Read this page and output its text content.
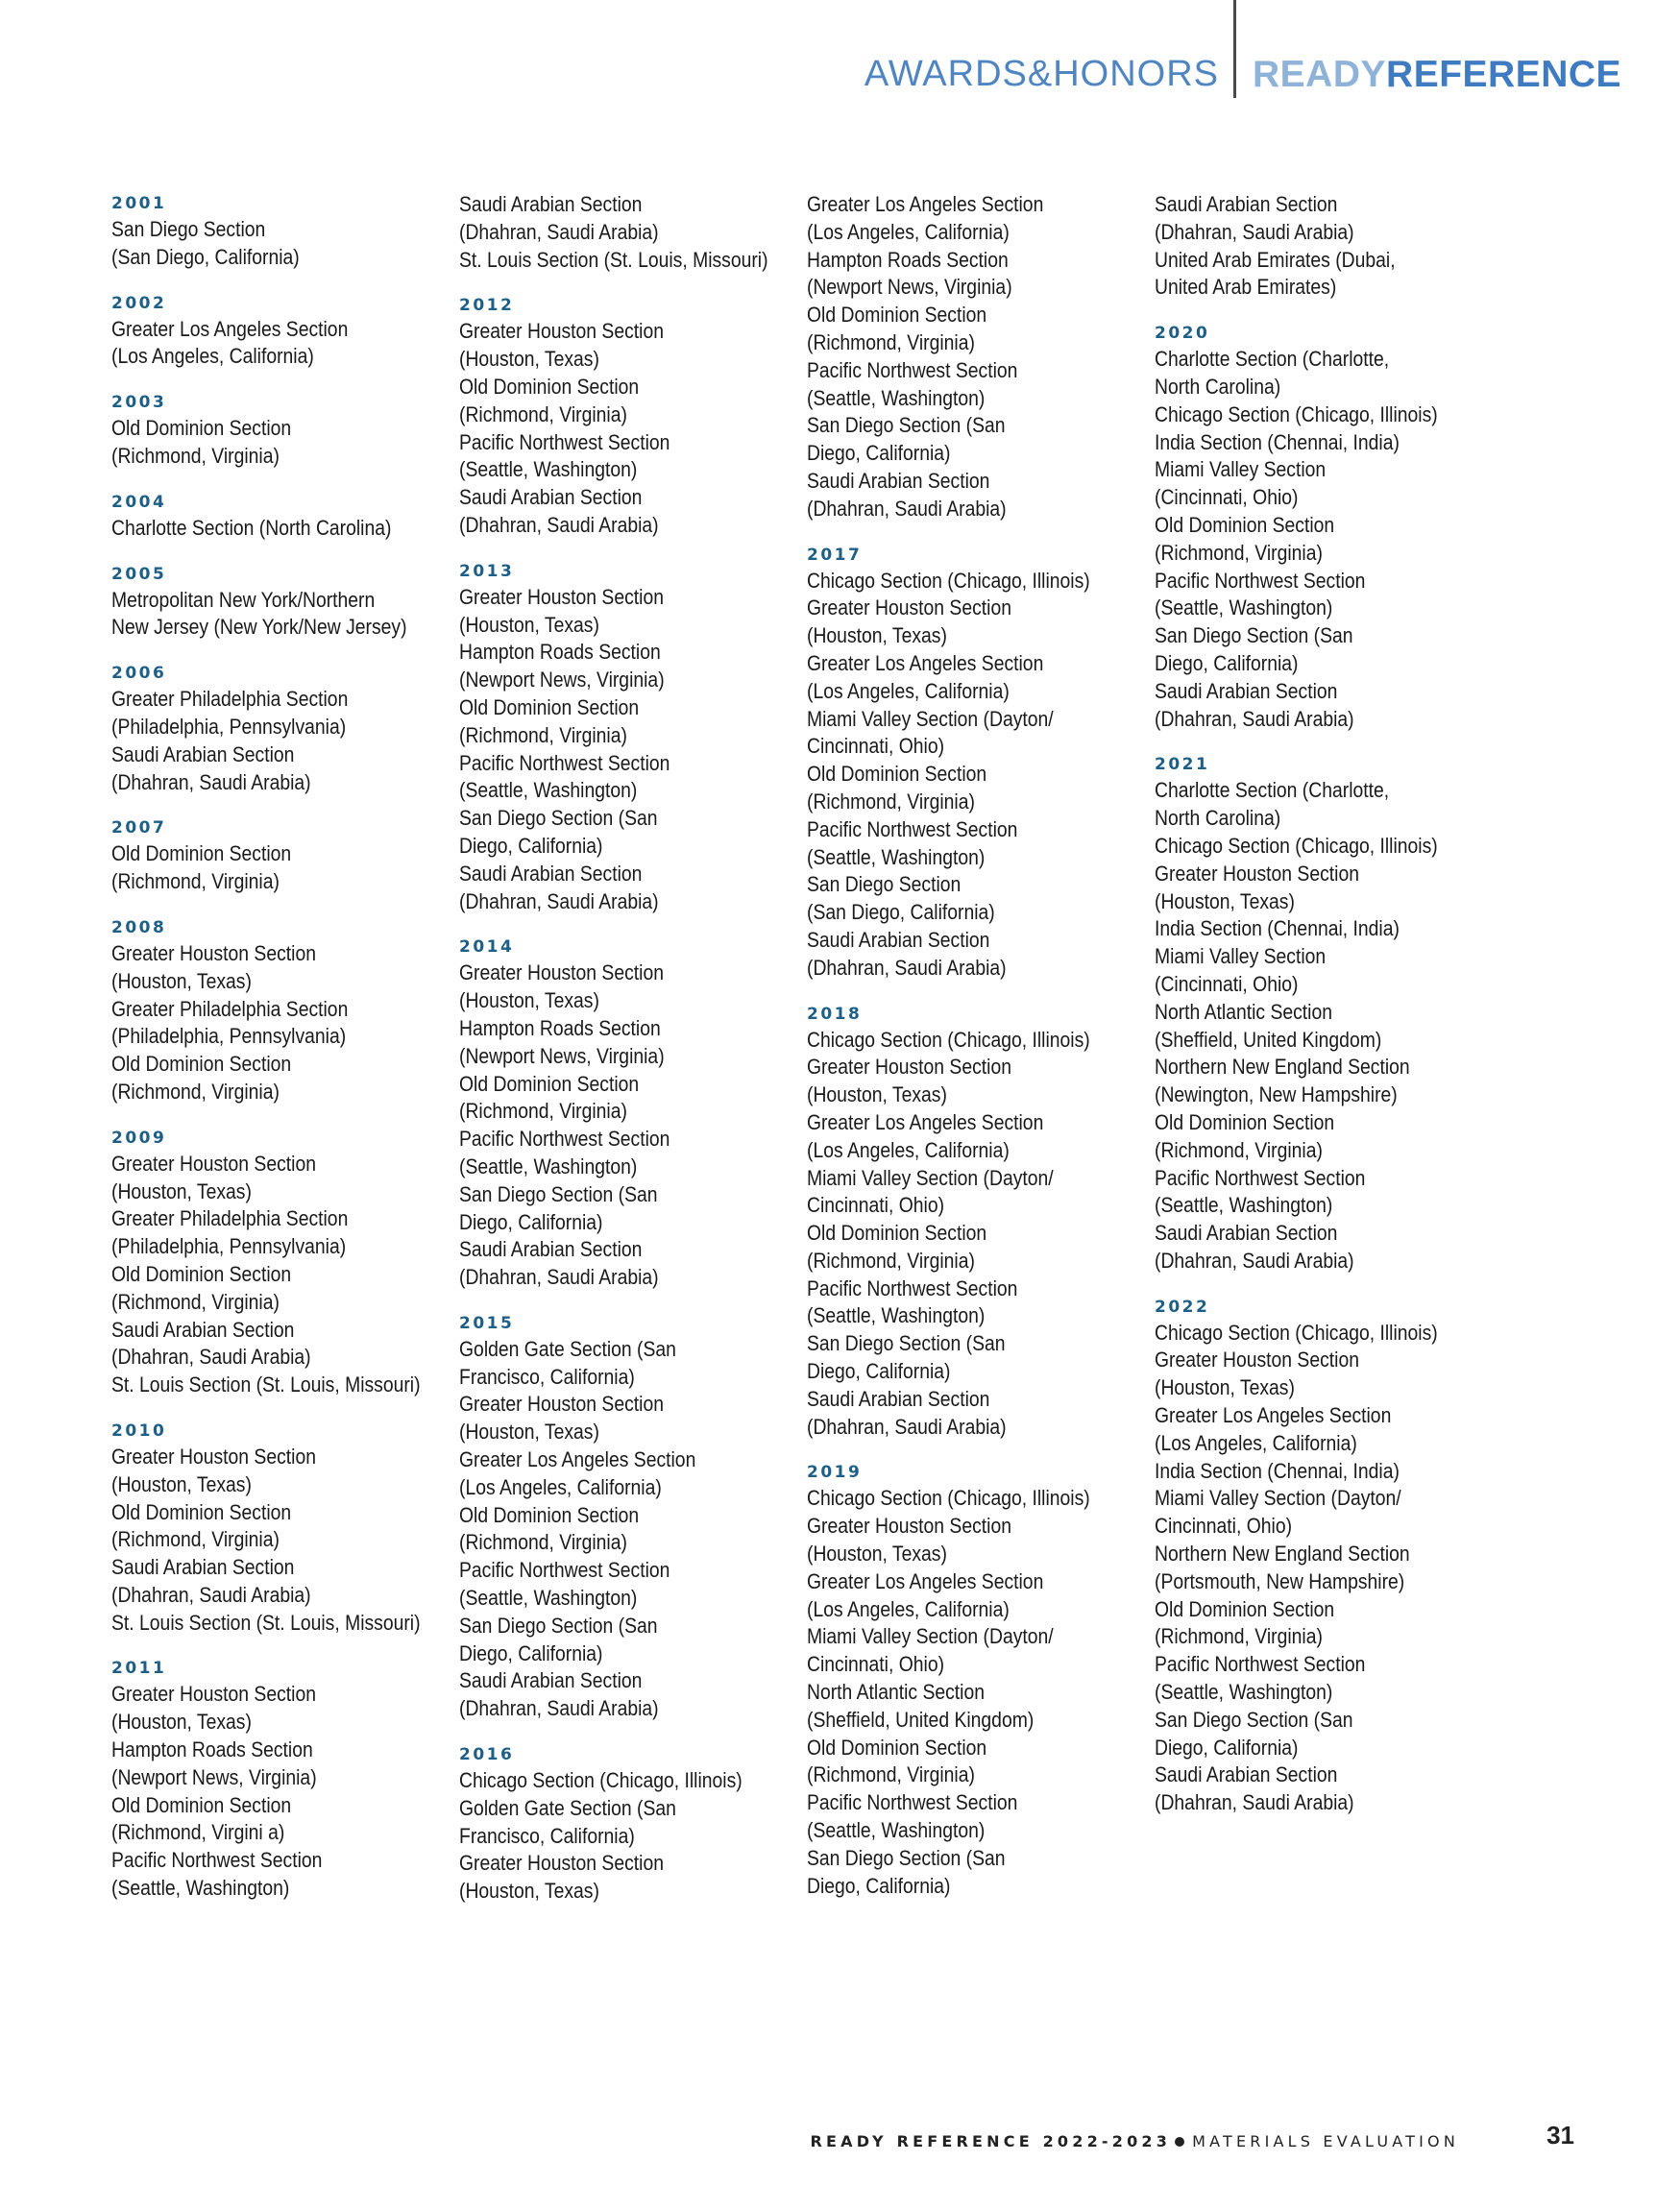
AWARDS&HONORS READYREFERENCE
2001
San Diego Section
(San Diego, California)
2002
Greater Los Angeles Section
(Los Angeles, California)
2003
Old Dominion Section
(Richmond, Virginia)
2004
Charlotte Section (North Carolina)
2005
Metropolitan New York/Northern
New Jersey (New York/New Jersey)
2006
Greater Philadelphia Section
(Philadelphia, Pennsylvania)
Saudi Arabian Section
(Dhahran, Saudi Arabia)
2007
Old Dominion Section
(Richmond, Virginia)
2008
Greater Houston Section
(Houston, Texas)
Greater Philadelphia Section
(Philadelphia, Pennsylvania)
Old Dominion Section
(Richmond, Virginia)
2009
Greater Houston Section
(Houston, Texas)
Greater Philadelphia Section
(Philadelphia, Pennsylvania)
Old Dominion Section
(Richmond, Virginia)
Saudi Arabian Section
(Dhahran, Saudi Arabia)
St. Louis Section (St. Louis, Missouri)
2010
Greater Houston Section
(Houston, Texas)
Old Dominion Section
(Richmond, Virginia)
Saudi Arabian Section
(Dhahran, Saudi Arabia)
St. Louis Section (St. Louis, Missouri)
2011
Greater Houston Section
(Houston, Texas)
Hampton Roads Section
(Newport News, Virginia)
Old Dominion Section
(Richmond, Virgini a)
Pacific Northwest Section
(Seattle, Washington)
Saudi Arabian Section
(Dhahran, Saudi Arabia)
St. Louis Section (St. Louis, Missouri)
2012
Greater Houston Section
(Houston, Texas)
Old Dominion Section
(Richmond, Virginia)
Pacific Northwest Section
(Seattle, Washington)
Saudi Arabian Section
(Dhahran, Saudi Arabia)
2013
Greater Houston Section
(Houston, Texas)
Hampton Roads Section
(Newport News, Virginia)
Old Dominion Section
(Richmond, Virginia)
Pacific Northwest Section
(Seattle, Washington)
San Diego Section (San
Diego, California)
Saudi Arabian Section
(Dhahran, Saudi Arabia)
2014
Greater Houston Section
(Houston, Texas)
Hampton Roads Section
(Newport News, Virginia)
Old Dominion Section
(Richmond, Virginia)
Pacific Northwest Section
(Seattle, Washington)
San Diego Section (San
Diego, California)
Saudi Arabian Section
(Dhahran, Saudi Arabia)
2015
Golden Gate Section (San
Francisco, California)
Greater Houston Section
(Houston, Texas)
Greater Los Angeles Section
(Los Angeles, California)
Old Dominion Section
(Richmond, Virginia)
Pacific Northwest Section
(Seattle, Washington)
San Diego Section (San
Diego, California)
Saudi Arabian Section
(Dhahran, Saudi Arabia)
2016
Chicago Section (Chicago, Illinois)
Golden Gate Section (San
Francisco, California)
Greater Houston Section
(Houston, Texas)
Greater Los Angeles Section
(Los Angeles, California)
Hampton Roads Section
(Newport News, Virginia)
Old Dominion Section
(Richmond, Virginia)
Pacific Northwest Section
(Seattle, Washington)
San Diego Section (San
Diego, California)
Saudi Arabian Section
(Dhahran, Saudi Arabia)
2017
Chicago Section (Chicago, Illinois)
Greater Houston Section
(Houston, Texas)
Greater Los Angeles Section
(Los Angeles, California)
Miami Valley Section (Dayton/
Cincinnati, Ohio)
Old Dominion Section
(Richmond, Virginia)
Pacific Northwest Section
(Seattle, Washington)
San Diego Section
(San Diego, California)
Saudi Arabian Section
(Dhahran, Saudi Arabia)
2018
Chicago Section (Chicago, Illinois)
Greater Houston Section
(Houston, Texas)
Greater Los Angeles Section
(Los Angeles, California)
Miami Valley Section (Dayton/
Cincinnati, Ohio)
Old Dominion Section
(Richmond, Virginia)
Pacific Northwest Section
(Seattle, Washington)
San Diego Section (San
Diego, California)
Saudi Arabian Section
(Dhahran, Saudi Arabia)
2019
Chicago Section (Chicago, Illinois)
Greater Houston Section
(Houston, Texas)
Greater Los Angeles Section
(Los Angeles, California)
Miami Valley Section (Dayton/
Cincinnati, Ohio)
North Atlantic Section
(Sheffield, United Kingdom)
Old Dominion Section
(Richmond, Virginia)
Pacific Northwest Section
(Seattle, Washington)
San Diego Section (San
Diego, California)
Saudi Arabian Section
(Dhahran, Saudi Arabia)
United Arab Emirates (Dubai,
United Arab Emirates)
2020
Charlotte Section (Charlotte,
North Carolina)
Chicago Section (Chicago, Illinois)
India Section (Chennai, India)
Miami Valley Section
(Cincinnati, Ohio)
Old Dominion Section
(Richmond, Virginia)
Pacific Northwest Section
(Seattle, Washington)
San Diego Section (San
Diego, California)
Saudi Arabian Section
(Dhahran, Saudi Arabia)
2021
Charlotte Section (Charlotte,
North Carolina)
Chicago Section (Chicago, Illinois)
Greater Houston Section
(Houston, Texas)
India Section (Chennai, India)
Miami Valley Section
(Cincinnati, Ohio)
North Atlantic Section
(Sheffield, United Kingdom)
Northern New England Section
(Newington, New Hampshire)
Old Dominion Section
(Richmond, Virginia)
Pacific Northwest Section
(Seattle, Washington)
Saudi Arabian Section
(Dhahran, Saudi Arabia)
2022
Chicago Section (Chicago, Illinois)
Greater Houston Section
(Houston, Texas)
Greater Los Angeles Section
(Los Angeles, California)
India Section (Chennai, India)
Miami Valley Section (Dayton/
Cincinnati, Ohio)
Northern New England Section
(Portsmouth, New Hampshire)
Old Dominion Section
(Richmond, Virginia)
Pacific Northwest Section
(Seattle, Washington)
San Diego Section (San
Diego, California)
Saudi Arabian Section
(Dhahran, Saudi Arabia)
READY REFERENCE 2022-2023 MATERIALS EVALUATION	31
